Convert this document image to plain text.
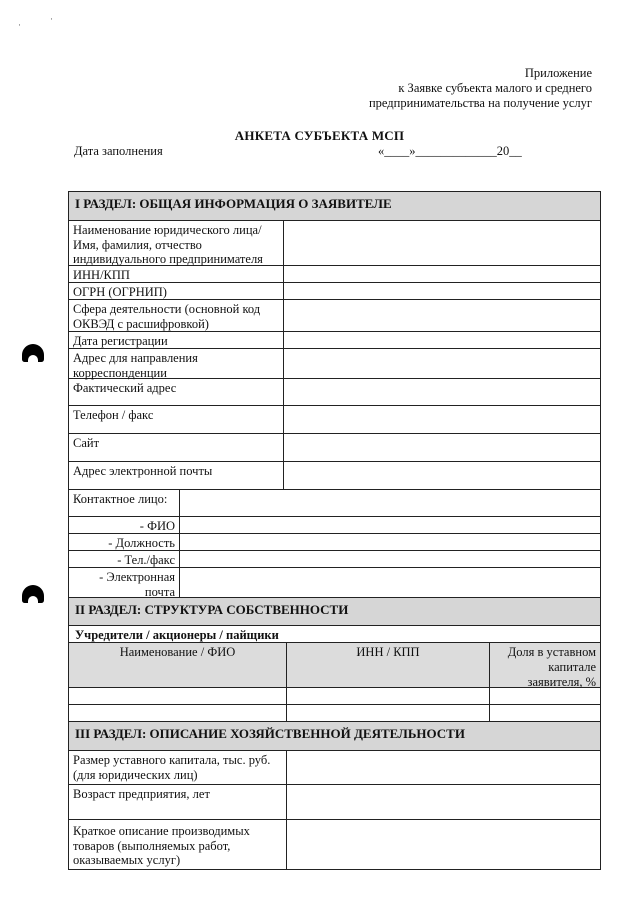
·
·
Приложение
к Заявке субъекта малого и среднего
предпринимательства на получение услуг
АНКЕТА СУБЪЕКТА МСП
Дата заполнения	«____»_____________20__
I РАЗДЕЛ: ОБЩАЯ ИНФОРМАЦИЯ О ЗАЯВИТЕЛЕ
Наименование юридического лица/ Имя, фамилия, отчество индивидуального предпринимателя
ИНН/КПП
ОГРН (ОГРНИП)
Сфера деятельности (основной код ОКВЭД с расшифровкой)
Дата регистрации
Адрес для направления корреспонденции
Фактический адрес
Телефон / факс
Сайт
Адрес электронной почты
Контактное лицо:
- ФИО
- Должность
- Тел./факс
- Электронная почта
II РАЗДЕЛ: СТРУКТУРА СОБСТВЕННОСТИ
Учредители / акционеры / пайщики
Наименование / ФИО	ИНН / КПП	Доля в уставном капитале заявителя, %
III РАЗДЕЛ: ОПИСАНИЕ ХОЗЯЙСТВЕННОЙ ДЕЯТЕЛЬНОСТИ
Размер уставного капитала, тыс. руб. (для юридических лиц)
Возраст предприятия, лет
Краткое описание производимых товаров (выполняемых работ, оказываемых услуг)
